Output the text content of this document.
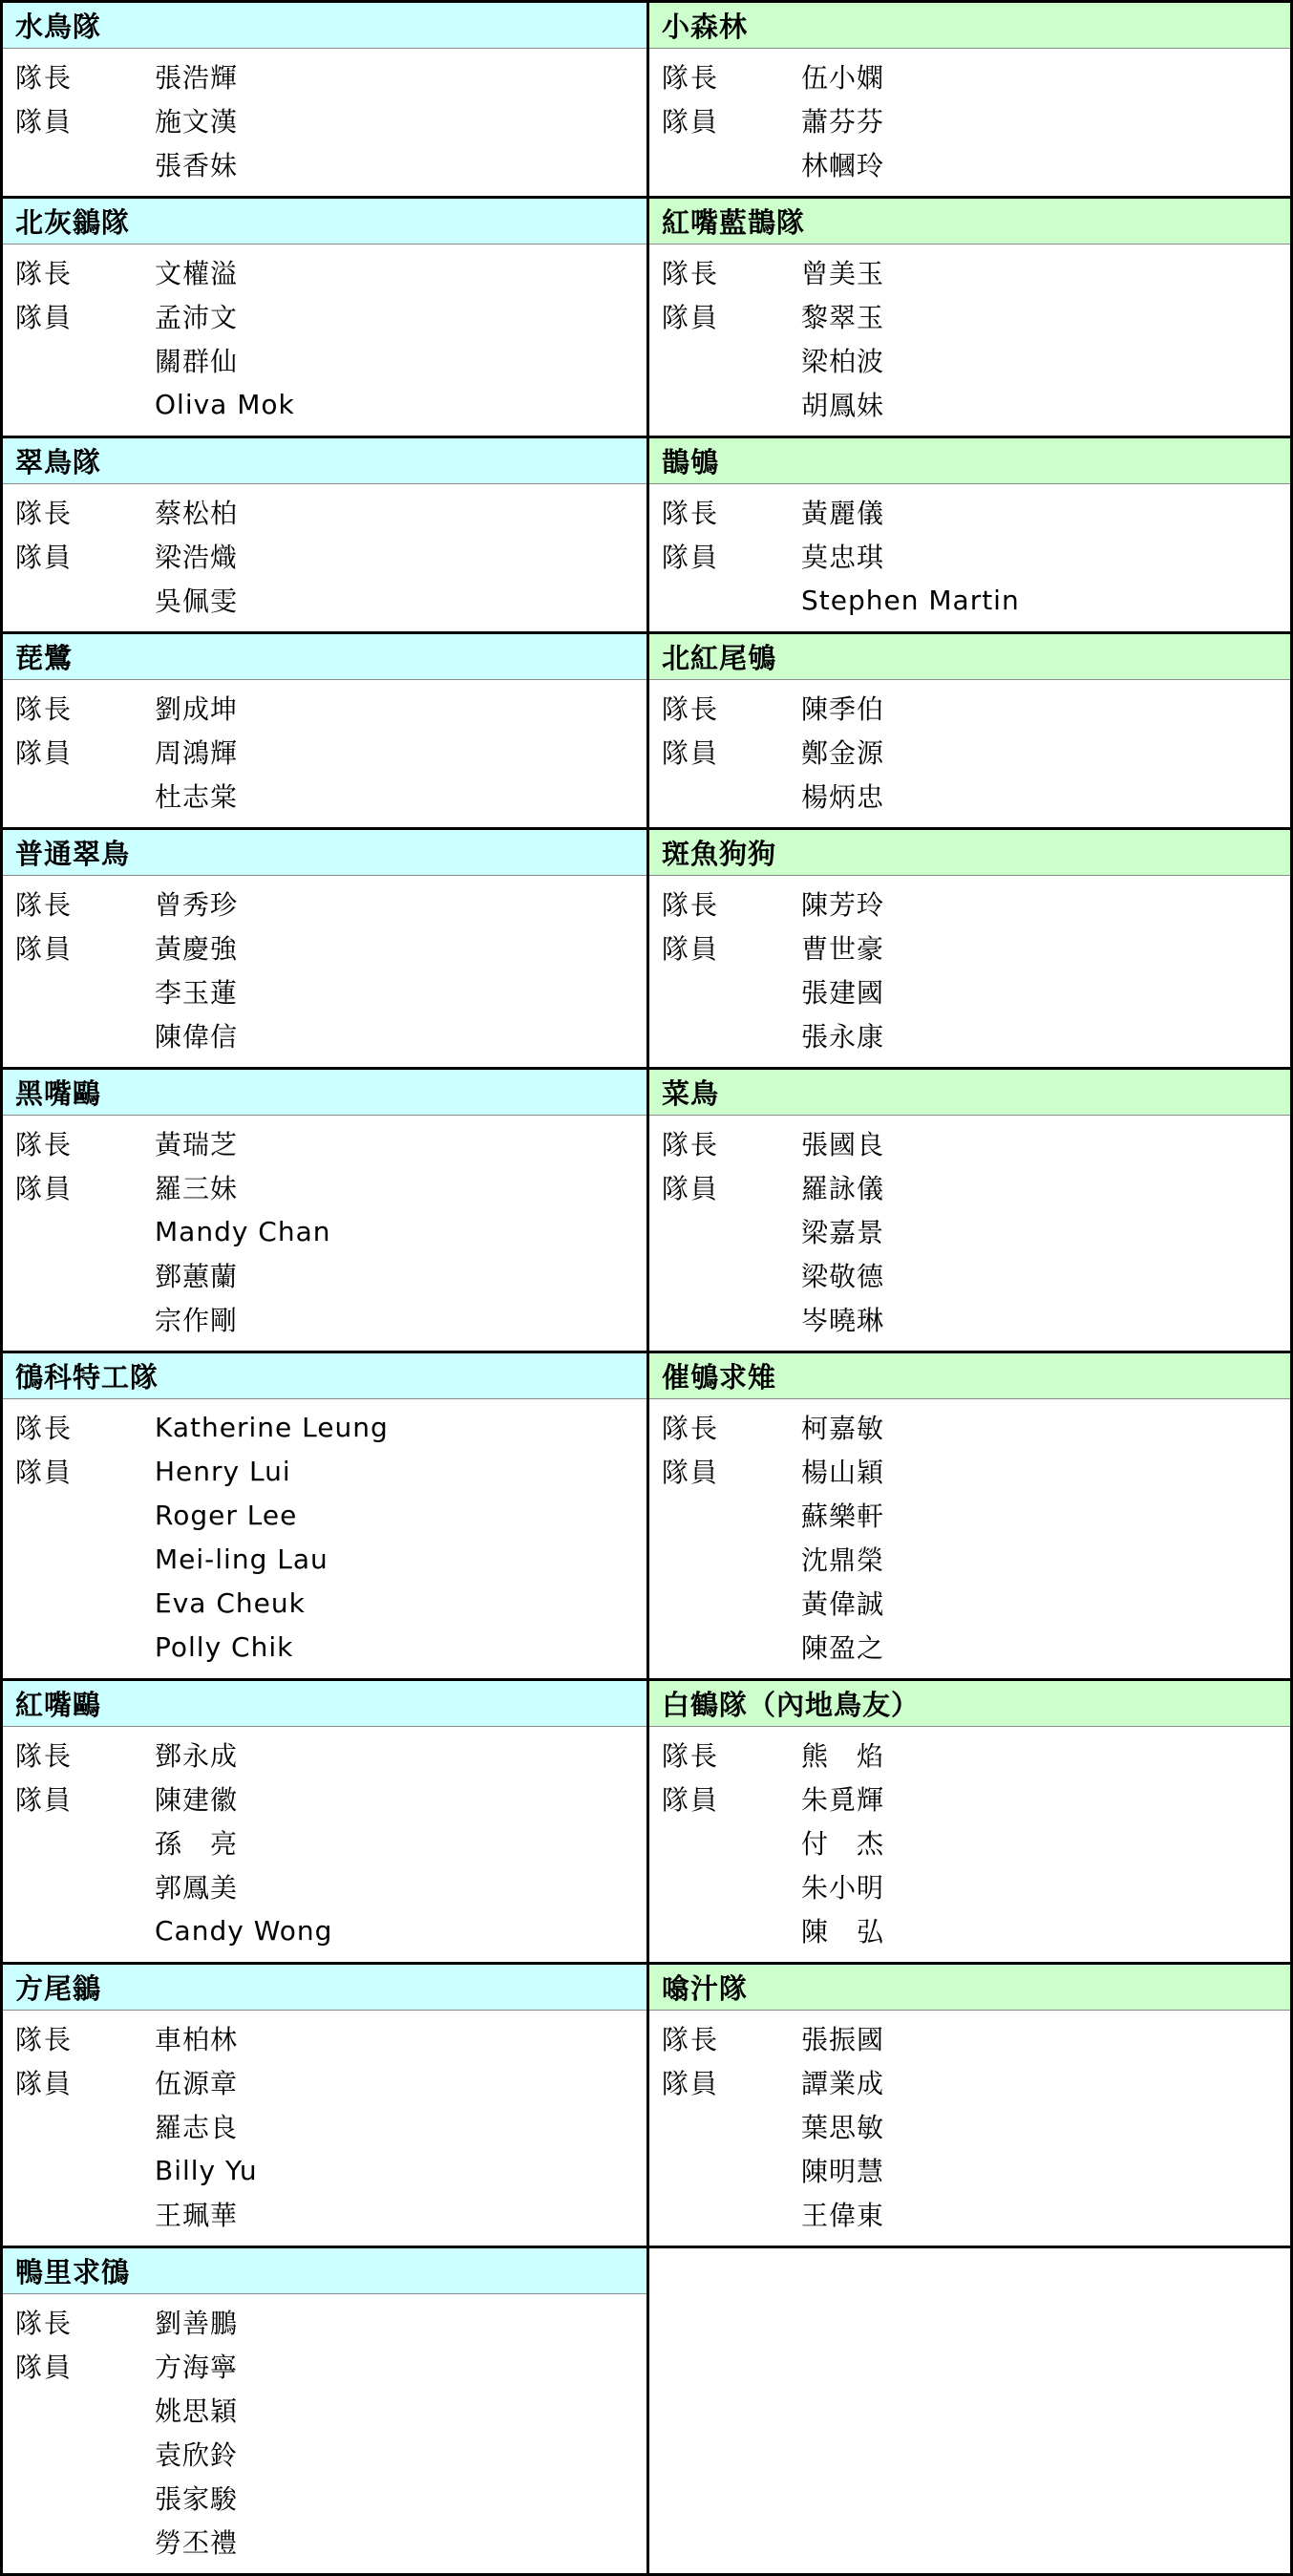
水鳥隊
隊長	張浩輝
隊員	施文漢
張香妹
小森林
隊長	伍小嫻
隊員	蕭芬芬
林幗玲
北灰鶲隊
隊長	文權溢
隊員	孟沛文
關群仙
Oliva Mok
紅嘴藍鵲隊
隊長	曾美玉
隊員	黎翠玉
梁柏波
胡鳳妹
翠鳥隊
隊長	蔡松柏
隊員	梁浩熾
吳佩雯
鵲鴝
隊長	黃麗儀
隊員	莫忠琪
Stephen Martin
琵鷺
隊長	劉成坤
隊員	周鴻輝
杜志棠
北紅尾鴝
隊長	陳季伯
隊員	鄭金源
楊炳忠
普通翠鳥
隊長	曾秀珍
隊員	黃慶強
李玉蓮
陳偉信
斑魚狗狗
隊長	陳芳玲
隊員	曹世豪
張建國
張永康
黑嘴鷗
隊長	黃瑞芝
隊員	羅三妹
Mandy Chan
鄧蕙蘭
宗作剛
菜鳥
隊長	張國良
隊員	羅詠儀
梁嘉景
梁敬德
岑曉琳
鴴科特工隊
隊長	Katherine Leung
隊員	Henry Lui
Roger Lee
Mei-ling Lau
Eva Cheuk
Polly Chik
催鴝求雉
隊長	柯嘉敏
隊員	楊山穎
蘇樂軒
沈鼎榮
黃偉誠
陳盈之
紅嘴鷗
隊長	鄧永成
隊員	陳建徽
孫　亮
郭鳳美
Candy Wong
白鶴隊（內地鳥友）
隊長	熊　焰
隊員	朱覓輝
付　杰
朱小明
陳　弘
方尾鶲
隊長	車柏林
隊員	伍源章
羅志良
Billy Yu
王珮華
噏汁隊
隊長	張振國
隊員	譚業成
葉思敏
陳明慧
王偉東
鴨里求鴴
隊長	劉善鵬
隊員	方海寧
姚思穎
袁欣鈴
張家駿
勞丕禮
